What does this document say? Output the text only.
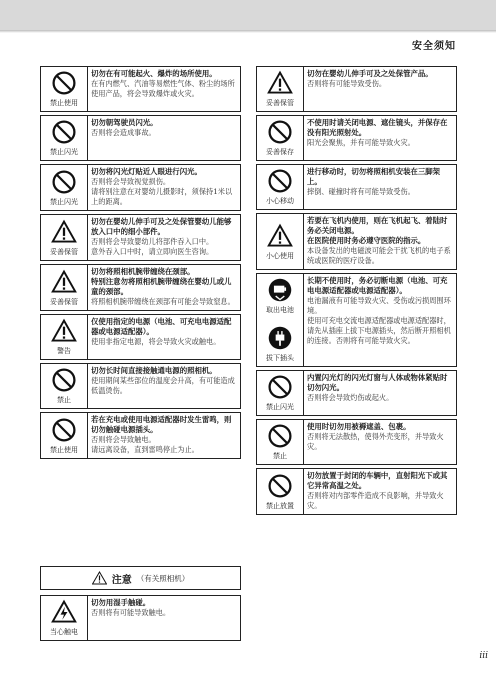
安全须知
禁止使用
切勿在有可能起火、爆炸的场所使用。
在有内燃气、汽油等易燃性气体、粉尘的场所使用产品，将会导致爆炸或火灾。
禁止闪光
切勿朝驾驶员闪光。
否则将会造成事故。
禁止闪光
切勿将闪光灯贴近人眼进行闪光。
否则将会导致视觉损伤。
请将别注意在对婴幼儿摄影时，须保持1米以上的距离。
妥善保管
切勿在婴幼儿伸手可及之处保管婴幼儿能够放入口中的细小部件。
否则将会导致婴幼儿将部件吞入口中。
意外吞入口中时，请立即向医生咨询。
妥善保管
切勿将照相机腕带缠绕在颈部。
特别注意勿将照相机腕带缠绕在婴幼儿或儿童的颈部。
将照相机腕带缠绕在颈部有可能会导致窒息。
警告
仅使用指定的电源（电池、可充电电源适配器或电源适配器）。
使用非指定电源，将会导致火灾或触电。
禁止
切勿长时间直接接触通电源的照相机。
使用期间某些部位的温度会升高，有可能造成低温烫伤。
禁止使用
若在充电或使用电源适配器时发生雷鸣，则切勿触碰电源插头。
否则将会导致触电。
请远离设备，直到雷鸣停止为止。
妥善保管
切勿在婴幼儿伸手可及之处保管产品。
否则将有可能导致受伤。
妥善保存
不使用时请关闭电源、遮住镜头，并保存在没有阳光照射处。
阳光会聚焦，并有可能导致火灾。
小心移动
进行移动时，切勿将照相机安装在三脚架上。
摔倒、碰撞时将有可能导致受伤。
小心使用
若要在飞机内使用，则在飞机起飞、着陆时务必关闭电源。
在医院使用时务必遵守医院的指示。
本设备发出的电磁波可能会干扰飞机的电子系统或医院的医疗设备。
取出电池
拔下插头
长期不使用时，务必切断电源（电池、可充电电源适配器或电源适配器）。
电池漏液有可能导致火灾、受伤或污损周围环境。
使用可充电交流电源适配器或电源适配器时，请先从插座上拔下电源插头，然后断开照相机的连接。否则将有可能导致火灾。
禁止闪光
内置闪光灯的闪光灯窗与人体或物体紧贴时切勿闪光。
否则将会导致灼伤或起火。
禁止
使用时切勿用被褥遮盖、包裹。
否则将无法散热，使得外壳变形，并导致火灾。
禁止放置
切勿放置于封闭的车辆中，直射阳光下或其它异常高温之处。
否则将对内部零件造成不良影响，并导致火灾。
注意 （有关照相机）
当心触电
切勿用湿手触碰。
否则将有可能导致触电。
iii
